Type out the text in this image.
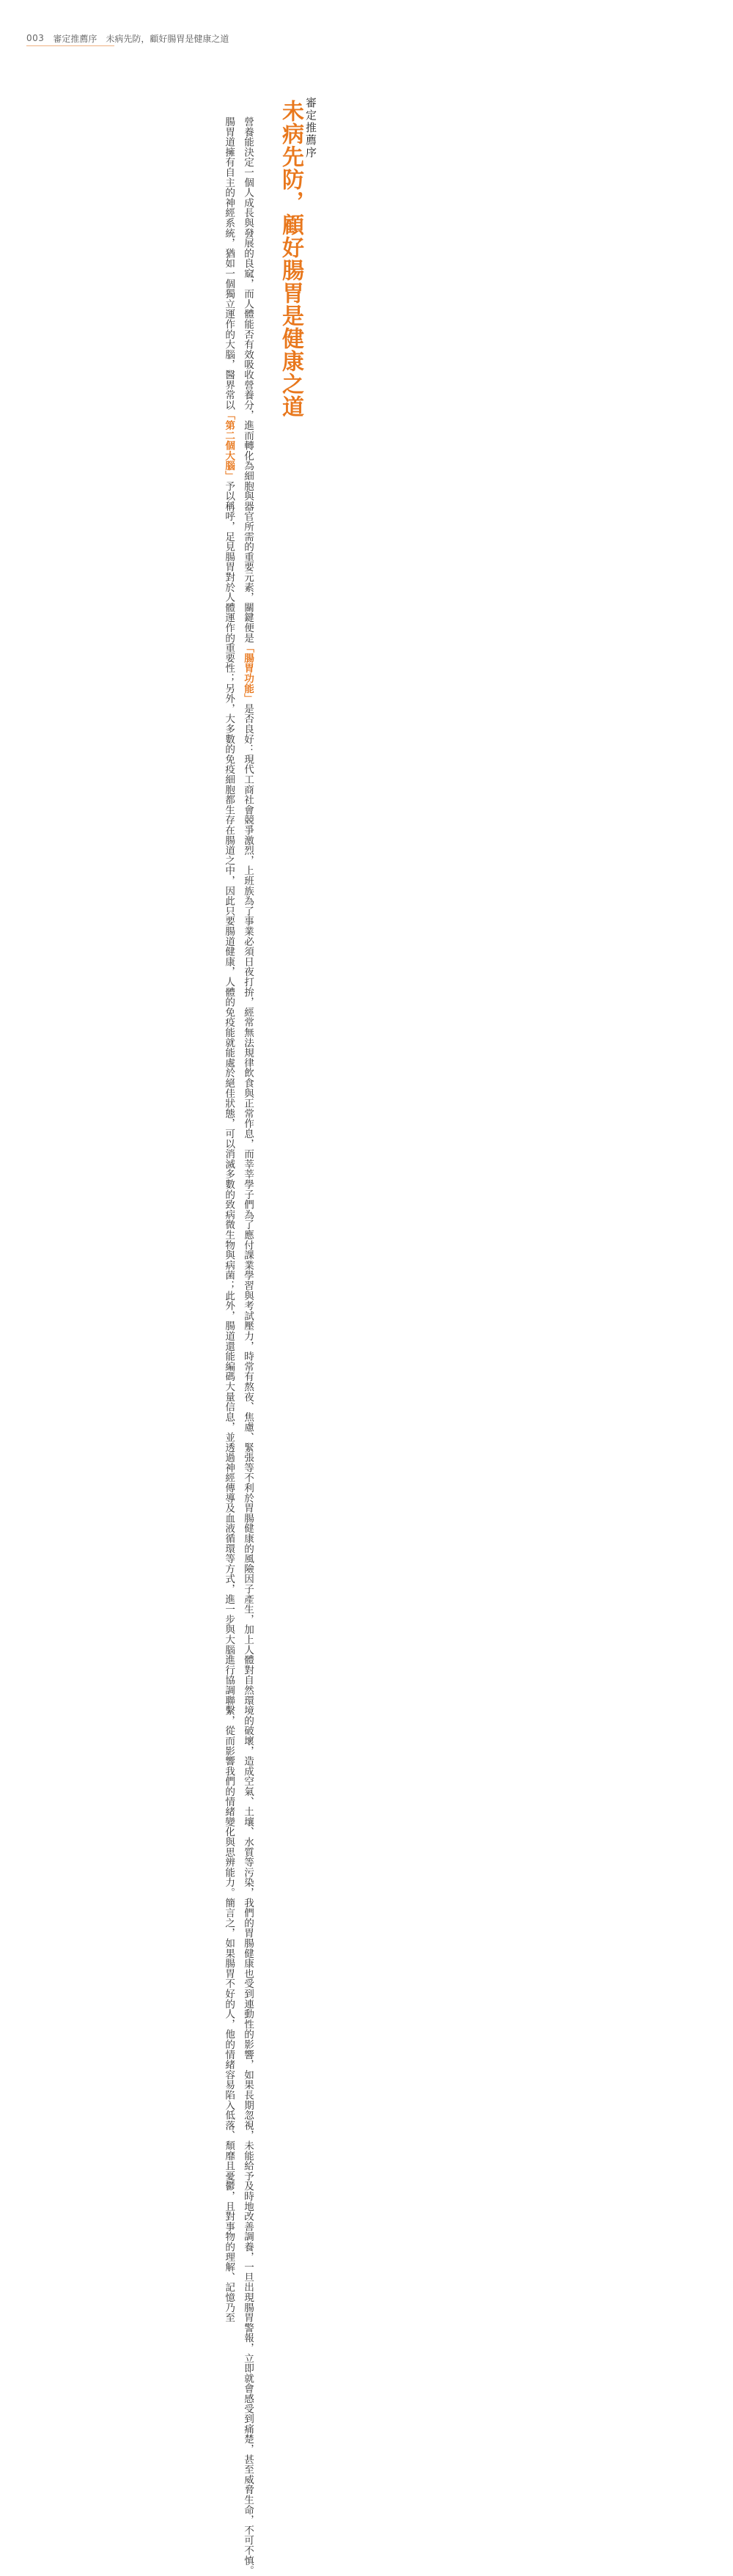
003 審定推薦序 未病先防，顧好腸胃是健康之道
審定推薦序
未病先防，顧好腸胃是健康之道

營養能決定一個人成長與發展的良窳，而人體能否有效吸收營養分，進而轉化為細胞與器官所需的重要元素，關鍵便是「腸胃功能」是否良好：現代工商社會競爭激烈，上班族為了事業必須日夜打拚，經常無法規律飲食與正常作息，而莘莘學子們為了應付課業學習與考試壓力，時常有熬夜、焦慮、緊張等不利於胃腸健康的風險因子產生，加上人體對自然環境的破壞，造成空氣、土壤、水質等污染，我們的胃腸健康也受到連動性的影響，如果長期忽視，未能給予及時地改善調養，一旦出現腸胃警報，立即就會感受到痛楚，甚至威脅生命，不可不慎。

腸胃道擁有自主的神經系統，猶如一個獨立運作的大腦，醫界常以「第二個大腦」予以稱呼，足見腸胃對於人體運作的重要性；另外，大多數的免疫細胞都生存在腸道之中，因此只要腸道健康，人體的免疫能就能處於絕佳狀態，可以消滅多數的致病微生物與病菌；此外，腸道還能編碼大量信息，並透過神經傳導及血液循環等方式，進一步與大腦進行協調聯繫，從而影響我們的情緒變化與思辨能力。簡言之，如果腸胃不好的人，他的情緒容易陷入低落、頹靡且憂鬱，且對事物的理解、記憶乃至
